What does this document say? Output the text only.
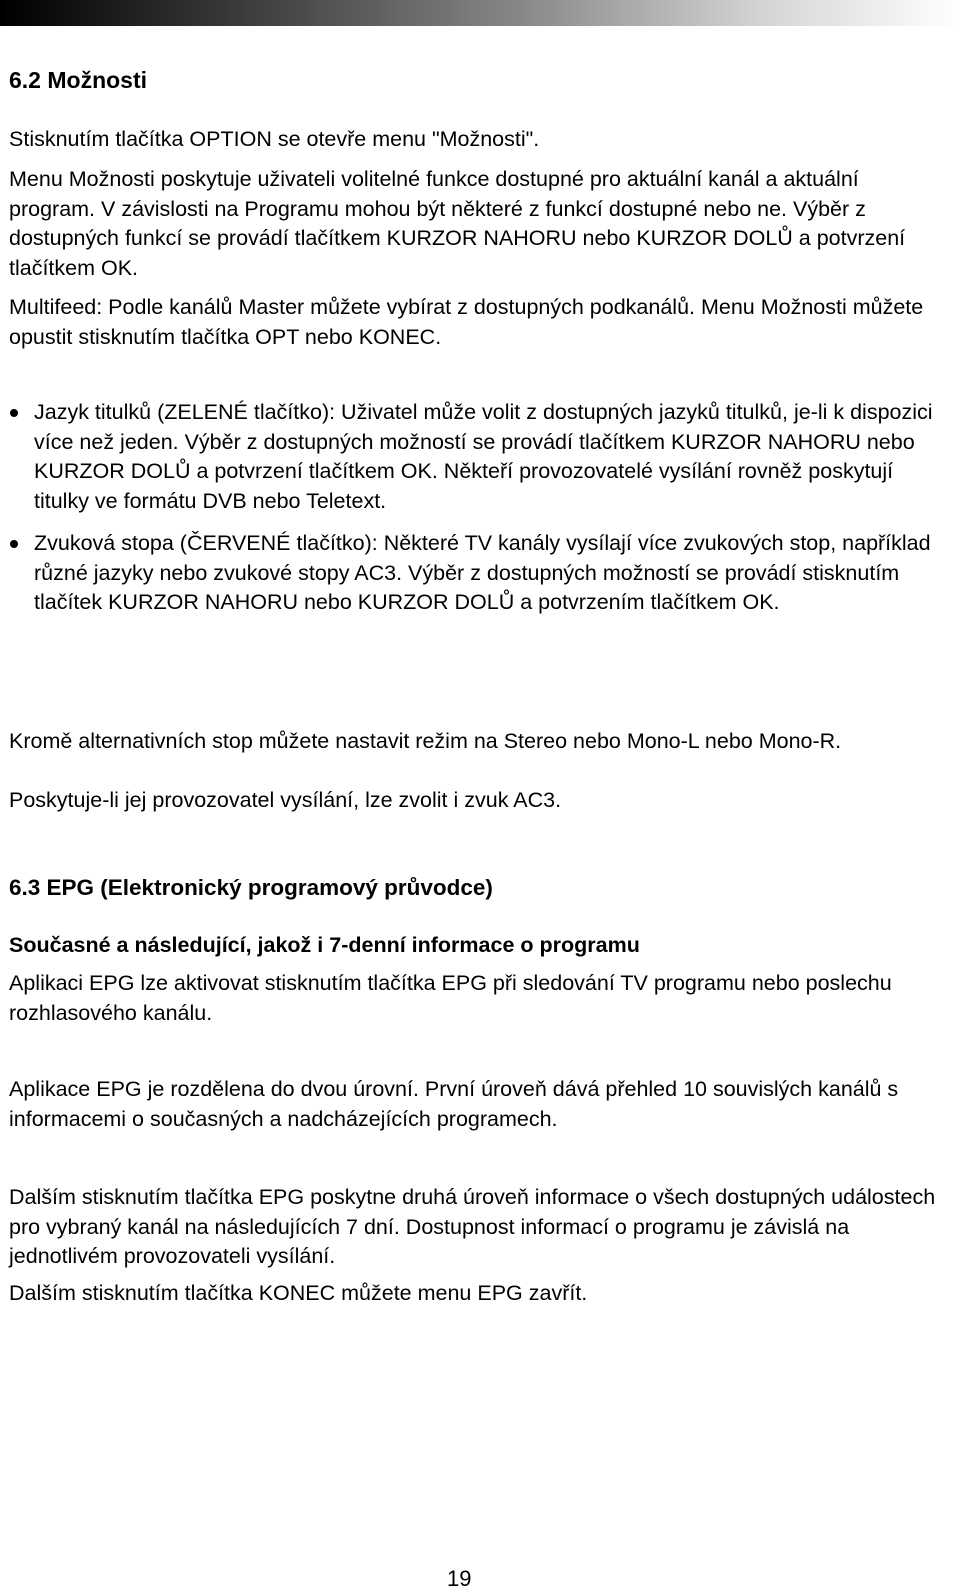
6.2 Možnosti

Stisknutím tlačítka OPTION se otevře menu "Možnosti".

Menu Možnosti poskytuje uživateli volitelné funkce dostupné pro aktuální kanál a aktuální program. V závislosti na Programu mohou být některé z funkcí dostupné nebo ne. Výběr z dostupných funkcí se provádí tlačítkem KURZOR NAHORU nebo KURZOR DOLŮ a potvrzení tlačítkem OK.

Multifeed: Podle kanálů Master můžete vybírat z dostupných podkanálů. Menu Možnosti můžete opustit stisknutím tlačítka OPT nebo KONEC.

Jazyk titulků (ZELENÉ tlačítko): Uživatel může volit z dostupných jazyků titulků, je-li k dispozici více než jeden. Výběr z dostupných možností se provádí tlačítkem KURZOR NAHORU nebo KURZOR DOLŮ a potvrzení tlačítkem OK. Někteří provozovatelé vysílání rovněž poskytují titulky ve formátu DVB nebo Teletext.
Zvuková stopa (ČERVENÉ tlačítko): Některé TV kanály vysílají více zvukových stop, například různé jazyky nebo zvukové stopy AC3. Výběr z dostupných možností se provádí stisknutím tlačítek KURZOR NAHORU nebo KURZOR DOLŮ a potvrzením tlačítkem OK.

Kromě alternativních stop můžete nastavit režim na Stereo nebo Mono-L nebo Mono-R.

Poskytuje-li jej provozovatel vysílání, lze zvolit i zvuk AC3.

6.3 EPG (Elektronický programový průvodce)
Současné a následující, jakož i 7-denní informace o programu

Aplikaci EPG lze aktivovat stisknutím tlačítka EPG při sledování TV programu nebo poslechu rozhlasového kanálu.

Aplikace EPG je rozdělena do dvou úrovní. První úroveň dává přehled 10 souvislých kanálů s informacemi o současných a nadcházejících programech.

Dalším stisknutím tlačítka EPG poskytne druhá úroveň informace o všech dostupných událostech pro vybraný kanál na následujících 7 dní. Dostupnost informací o programu je závislá na jednotlivém provozovateli vysílání.

Dalším stisknutím tlačítka KONEC můžete menu EPG zavřít.

19
